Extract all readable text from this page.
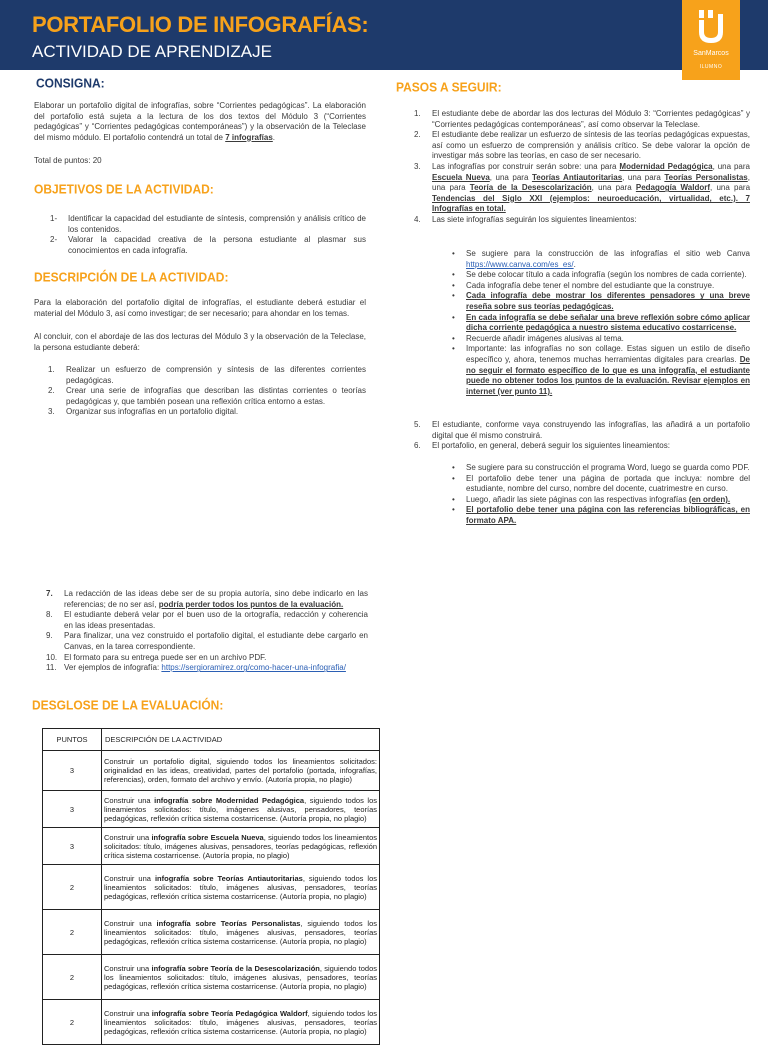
PORTAFOLIO DE INFOGRAFÍAS:
ACTIVIDAD DE APRENDIZAJE	SanMarcos
ILUMNO
CONSIGNA:
Elaborar un portafolio digital de infografías, sobre “Corrientes pedagógicas”. La elaboración del portafolio está sujeta a la lectura de los dos textos del Módulo 3 (“Corrientes pedagógicas” y “Corrientes pedagógicas contemporáneas”) y la observación de la Teleclase del mismo módulo. El portafolio contendrá un total de 7 infografías.
Total de puntos: 20
OBJETIVOS DE LA ACTIVIDAD:
1- Identificar la capacidad del estudiante de síntesis, comprensión y análisis crítico de los contenidos.
2- Valorar la capacidad creativa de la persona estudiante al plasmar sus conocimientos en cada infografía.
DESCRIPCIÓN DE LA ACTIVIDAD:
Para la elaboración del portafolio digital de infografías, el estudiante deberá estudiar el material del Módulo 3, así como investigar; de ser necesario; para ahondar en los temas.
Al concluir, con el abordaje de las dos lecturas del Módulo 3 y la observación de la Teleclase, la persona estudiante deberá:
1. Realizar un esfuerzo de comprensión y síntesis de las diferentes corrientes pedagógicas.
2. Crear una serie de infografías que describan las distintas corrientes o teorías pedagógicas y, que también posean una reflexión crítica entorno a estas.
3. Organizar sus infografías en un portafolio digital.
7. La redacción de las ideas debe ser de su propia autoría, sino debe indicarlo en las referencias; de no ser así, podría perder todos los puntos de la evaluación.
8. El estudiante deberá velar por el buen uso de la ortografía, redacción y coherencia en las ideas presentadas.
9. Para finalizar, una vez construido el portafolio digital, el estudiante debe cargarlo en Canvas, en la tarea correspondiente.
10. El formato para su entrega puede ser en un archivo PDF.
11. Ver ejemplos de infografía: https://sergioramirez.org/como-hacer-una-infografia/
PASOS A SEGUIR:
1. El estudiante debe de abordar las dos lecturas del Módulo 3: “Corrientes pedagógicas” y “Corrientes pedagógicas contemporáneas”, así como observar la Teleclase.
2. El estudiante debe realizar un esfuerzo de síntesis de las teorías pedagógicas expuestas, así como un esfuerzo de comprensión y análisis crítico. Se debe valorar la opción de investigar más sobre las teorías, en caso de ser necesario.
3. Las infografías por construir serán sobre: una para Modernidad Pedagógica, una para Escuela Nueva, una para Teorías Antiautoritarias, una para Teorías Personalistas, una para Teoría de la Desescolarización, una para Pedagogía Waldorf, una para Tendencias del Siglo XXI (ejemplos: neuroeducación, virtualidad, etc.). 7 Infografías en total.
4. Las siete infografías seguirán los siguientes lineamientos:
• Se sugiere para la construcción de las infografías el sitio web Canva https://www.canva.com/es_es/.
• Se debe colocar título a cada infografía (según los nombres de cada corriente).
• Cada infografía debe tener el nombre del estudiante que la construye.
• Cada infografía debe mostrar los diferentes pensadores y una breve reseña sobre sus teorías pedagógicas.
• En cada infografía se debe señalar una breve reflexión sobre cómo aplicar dicha corriente pedagógica a nuestro sistema educativo costarricense.
• Recuerde añadir imágenes alusivas al tema.
• Importante: las infografías no son collage. Estas siguen un estilo de diseño específico y, ahora, tenemos muchas herramientas digitales para crearlas. De no seguir el formato específico de lo que es una infografía, el estudiante puede no obtener todos los puntos de la evaluación. Revisar ejemplos en internet (ver punto 11).
5. El estudiante, conforme vaya construyendo las infografías, las añadirá a un portafolio digital que él mismo construirá.
6. El portafolio, en general, deberá seguir los siguientes lineamientos:
• Se sugiere para su construcción el programa Word, luego se guarda como PDF.
• El portafolio debe tener una página de portada que incluya: nombre del estudiante, nombre del curso, nombre del docente, cuatrimestre en curso.
• Luego, añadir las siete páginas con las respectivas infografías (en orden).
• El portafolio debe tener una página con las referencias bibliográficas, en formato APA.
DESGLOSE DE LA EVALUACIÓN:
PUNTOS	DESCRIPCIÓN DE LA ACTIVIDAD
3	Construir un portafolio digital, siguiendo todos los lineamientos solicitados: originalidad en las ideas, creatividad, partes del portafolio (portada, infografías, referencias), orden, formato del archivo y envío. (Autoría propia, no plagio)
3	Construir una infografía sobre Modernidad Pedagógica, siguiendo todos los lineamientos solicitados: título, imágenes alusivas, pensadores, teorías pedagógicas, reflexión crítica sistema costarricense. (Autoría propia, no plagio)
3	Construir una infografía sobre Escuela Nueva, siguiendo todos los lineamientos solicitados: título, imágenes alusivas, pensadores, teorías pedagógicas, reflexión crítica sistema costarricense. (Autoría propia, no plagio)
2	Construir una infografía sobre Teorías Antiautoritarias, siguiendo todos los lineamientos solicitados: título, imágenes alusivas, pensadores, teorías pedagógicas, reflexión crítica sistema costarricense. (Autoría propia, no plagio)
2	Construir una infografía sobre Teorías Personalistas, siguiendo todos los lineamientos solicitados: título, imágenes alusivas, pensadores, teorías pedagógicas, reflexión crítica sistema costarricense. (Autoría propia, no plagio)
2	Construir una infografía sobre Teoría de la Desescolarización, siguiendo todos los lineamientos solicitados: título, imágenes alusivas, pensadores, teorías pedagógicas, reflexión crítica sistema costarricense. (Autoría propia, no plagio)
2	Construir una infografía sobre Teoría Pedagógica Waldorf, siguiendo todos los lineamientos solicitados: título, imágenes alusivas, pensadores, teorías pedagógicas, reflexión crítica sistema costarricense. (Autoría propia, no plagio)
